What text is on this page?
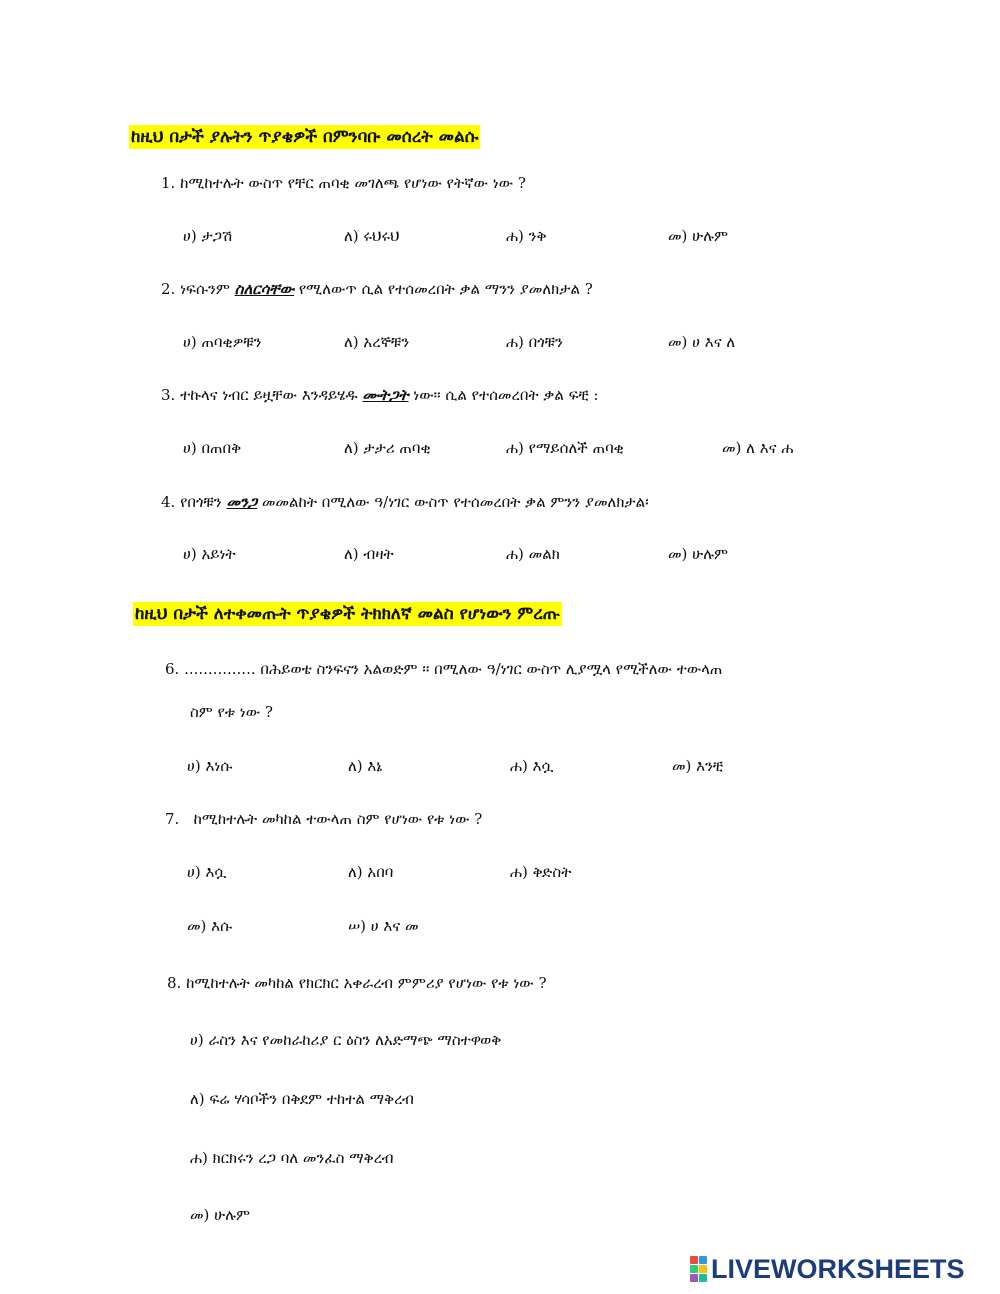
ከዚህ በታች ያሉትን ጥያቄዎች በምንባቡ መሰረት መልሱ
1. ከሚከተሉት ውስጥ የቸር ጠባቂ መገለጫ የሆነው የትኛው ነው ?
ሀ) ታጋሽ	ለ) ሩህሩህ	ሐ) ንቅ	መ) ሁሉም
2. ነፍሱንም ስለርሳቸው የሚለውጥ ሲል የተሰመረበት ቃል ማንን ያመለክታል ?
ሀ) ጠባቂዎቹን	ለ) አረኞቹን	ሐ) በጎቹን	መ) ሀ እና ለ
3. ተኩላና ነብር ይዟቸው እንዳይሄዱ ሙትጋት ነው። ሲል የተሰመረበት ቃል ፍቺ :
ሀ) በጠበቅ	ለ) ታታሪ ጠባቂ	ሐ) የማይሰለች ጠባቂ	መ) ለ እና ሐ
4. የበጎቹን መንጋ መመልከት በሚለው ዓ/ነገር ውስጥ የተሰመረበት ቃል ምንን ያመለክታል፡
ሀ) አይነት	ለ) ብዛት	ሐ) መልክ	መ) ሁሉም
ከዚህ በታች ለተቀመጡት ጥያቄዎች ትክክለኛ መልስ የሆነውን ምረጡ
6. ............... በሕይወቴ ስንፍናን አልወድም ፡፡ በሚለው ዓ/ነገር ውስጥ ሊያሟላ የሚችለው ተውላጠ
ስም የቱ ነው ?
ሀ) እነሱ	ለ) እኔ	ሐ) እሷ	መ) እንቺ
7. ከሚከተሉት መካከል ተውላጠ ስም የሆነው የቱ ነው ?
ሀ) እሷ	ለ) አበባ	ሐ) ቅድስት
መ) እሱ	ሠ) ሀ እና መ
8. ከሚከተሉት መካከል የክርክር አቀራረብ ምምሪያ የሆነው የቱ ነው ?
ሀ) ራስን እና የመከራከሪያ ር ዕስን ለአድማጭ ማስተዋወቅ
ለ) ፍሬ ሃሳቦችን በቅደም ተከተል ማቅረብ
ሐ) ክርክሩን ረጋ ባለ መንፈስ ማቅረብ
መ) ሁሉም
LIVEWORKSHEETS
